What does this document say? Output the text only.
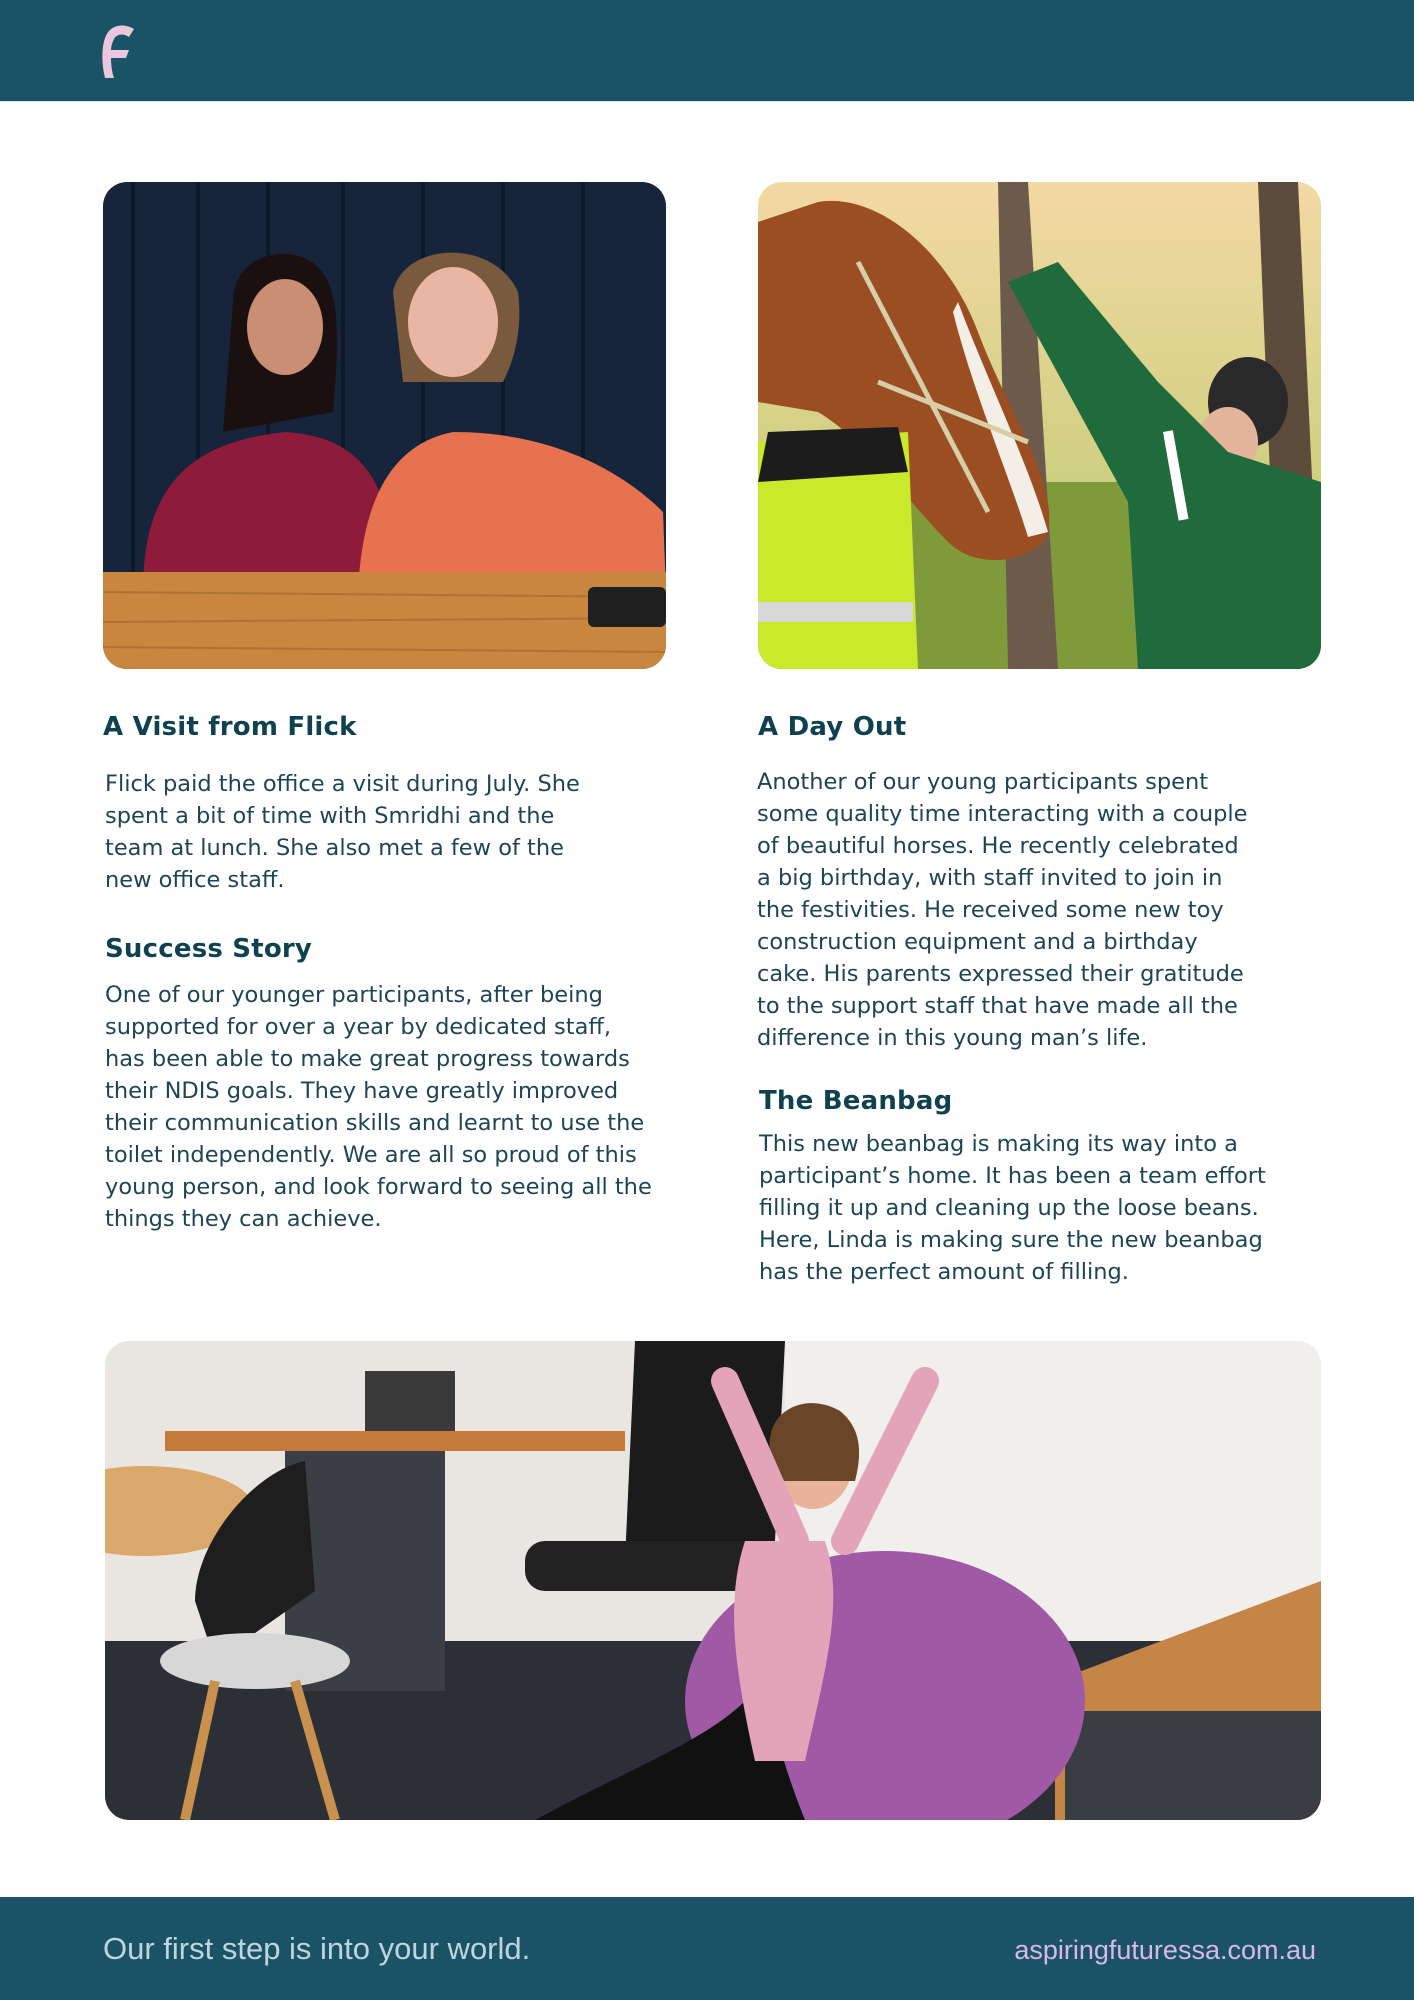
A Visit from Flick
Flick paid the office a visit during July. She
spent a bit of time with Smridhi and the
team at lunch. She also met a few of the
new office staff.
Success Story
One of our younger participants, after being
supported for over a year by dedicated staff,
has been able to make great progress towards
their NDIS goals. They have greatly improved
their communication skills and learnt to use the
toilet independently. We are all so proud of this
young person, and look forward to seeing all the
things they can achieve.
A Day Out
Another of our young participants spent
some quality time interacting with a couple
of beautiful horses. He recently celebrated
a big birthday, with staff invited to join in
the festivities. He received some new toy
construction equipment and a birthday
cake. His parents expressed their gratitude
to the support staff that have made all the
difference in this young man’s life.
The Beanbag
This new beanbag is making its way into a
participant’s home. It has been a team effort
filling it up and cleaning up the loose beans.
Here, Linda is making sure the new beanbag
has the perfect amount of filling.

Our first step is into your world.	aspiringfuturessa.com.au
